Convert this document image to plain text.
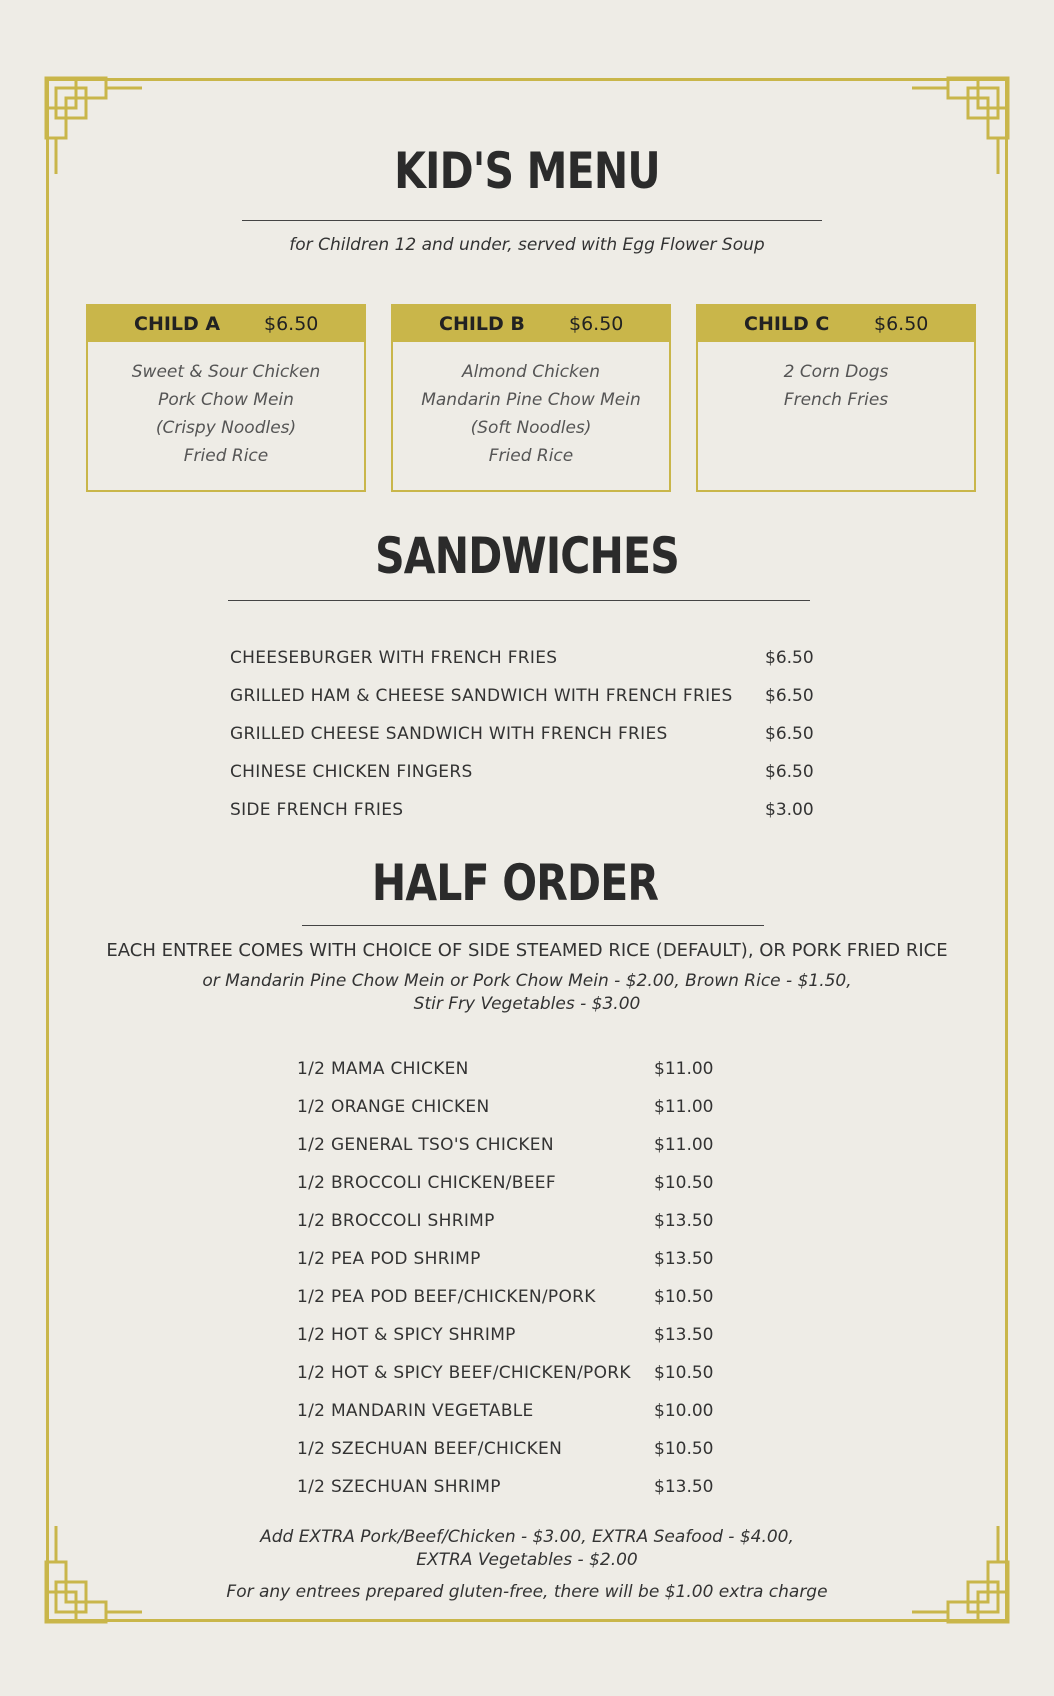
KID'S MENU
for Children 12 and under, served with Egg Flower Soup
CHILD A	$6.50
Sweet & Sour Chicken
Pork Chow Mein
(Crispy Noodles)
Fried Rice
CHILD B	$6.50
Almond Chicken
Mandarin Pine Chow Mein
(Soft Noodles)
Fried Rice
CHILD C	$6.50
2 Corn Dogs
French Fries
SANDWICHES
CHEESEBURGER WITH FRENCH FRIES	$6.50
GRILLED HAM & CHEESE SANDWICH WITH FRENCH FRIES $6.50
GRILLED CHEESE SANDWICH WITH FRENCH FRIES	$6.50
CHINESE CHICKEN FINGERS	$6.50
SIDE FRENCH FRIES	$3.00
HALF ORDER
EACH ENTREE COMES WITH CHOICE OF SIDE STEAMED RICE (DEFAULT), OR PORK FRIED RICE
or Mandarin Pine Chow Mein or Pork Chow Mein - $2.00, Brown Rice - $1.50,
Stir Fry Vegetables - $3.00
1/2 MAMA CHICKEN	$11.00
1/2 ORANGE CHICKEN	$11.00
1/2 GENERAL TSO'S CHICKEN	$11.00
1/2 BROCCOLI CHICKEN/BEEF	$10.50
1/2 BROCCOLI SHRIMP	$13.50
1/2 PEA POD SHRIMP	$13.50
1/2 PEA POD BEEF/CHICKEN/PORK	$10.50
1/2 HOT & SPICY SHRIMP	$13.50
1/2 HOT & SPICY BEEF/CHICKEN/PORK $10.50
1/2 MANDARIN VEGETABLE	$10.00
1/2 SZECHUAN BEEF/CHICKEN	$10.50
1/2 SZECHUAN SHRIMP	$13.50
Add EXTRA Pork/Beef/Chicken - $3.00, EXTRA Seafood - $4.00,
EXTRA Vegetables - $2.00
For any entrees prepared gluten-free, there will be $1.00 extra charge
